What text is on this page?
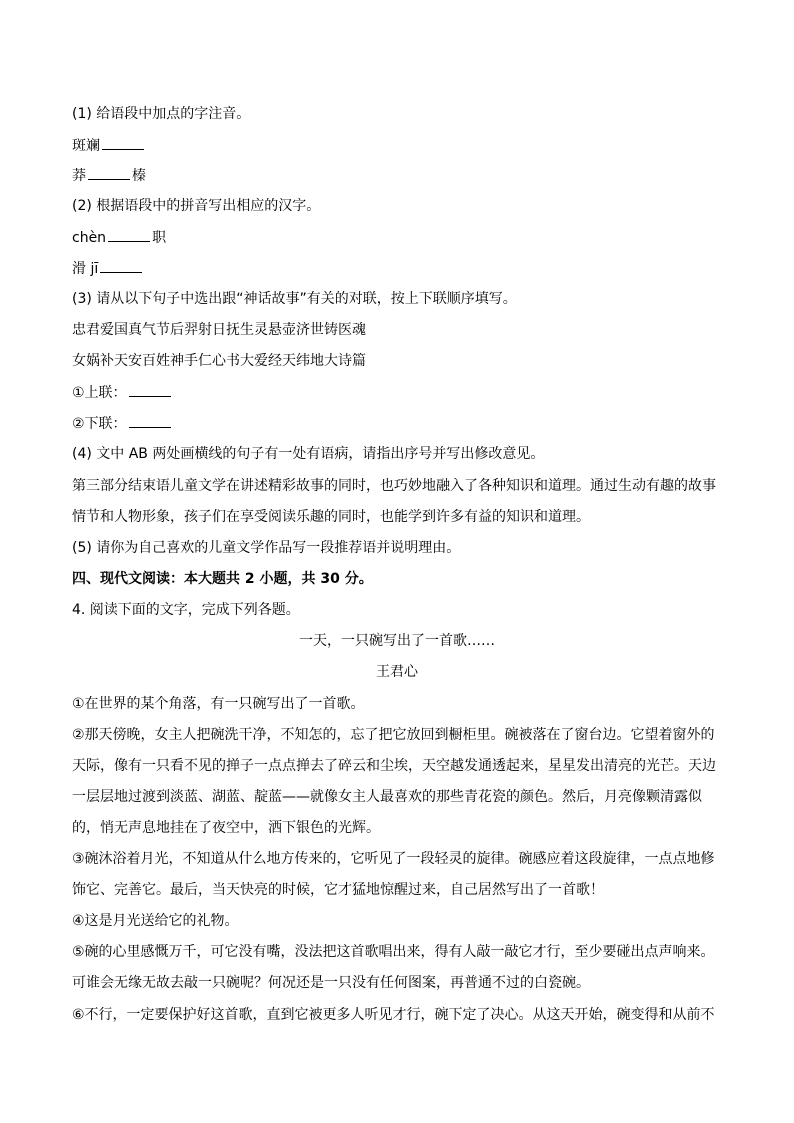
(1) 给语段中加点的字注音。
斑斓
莽	榛
(2) 根据语段中的拼音写出相应的汉字。
chèn	职
滑 jī
(3) 请从以下句子中选出跟“神话故事”有关的对联，按上下联顺序填写。
忠君爱国真气节后羿射日抚生灵悬壶济世铸医魂
女娲补天安百姓神手仁心书大爱经天纬地大诗篇
①上联：
②下联：
(4) 文中 AB 两处画横线的句子有一处有语病，请指出序号并写出修改意见。
第三部分结束语儿童文学在讲述精彩故事的同时，也巧妙地融入了各种知识和道理。通过生动有趣的故事
情节和人物形象，孩子们在享受阅读乐趣的同时，也能学到许多有益的知识和道理。
(5) 请你为自己喜欢的儿童文学作品写一段推荐语并说明理由。
四、现代文阅读：本大题共 2 小题，共 30 分。
4. 阅读下面的文字，完成下列各题。
一天，一只碗写出了一首歌……
王君心
①在世界的某个角落，有一只碗写出了一首歌。
②那天傍晚，女主人把碗洗干净，不知怎的，忘了把它放回到橱柜里。碗被落在了窗台边。它望着窗外的
天际，像有一只看不见的掸子一点点掸去了碎云和尘埃，天空越发通透起来，星星发出清亮的光芒。天边
一层层地过渡到淡蓝、湖蓝、靛蓝——就像女主人最喜欢的那些青花瓷的颜色。然后，月亮像颗清露似
的，悄无声息地挂在了夜空中，洒下银色的光辉。
③碗沐浴着月光，不知道从什么地方传来的，它听见了一段轻灵的旋律。碗感应着这段旋律，一点点地修
饰它、完善它。最后，当天快亮的时候，它才猛地惊醒过来，自己居然写出了一首歌！
④这是月光送给它的礼物。
⑤碗的心里感慨万千，可它没有嘴，没法把这首歌唱出来，得有人敲一敲它才行，至少要碰出点声响来。
可谁会无缘无故去敲一只碗呢？何况还是一只没有任何图案，再普通不过的白瓷碗。
⑥不行，一定要保护好这首歌，直到它被更多人听见才行，碗下定了决心。从这天开始，碗变得和从前不
